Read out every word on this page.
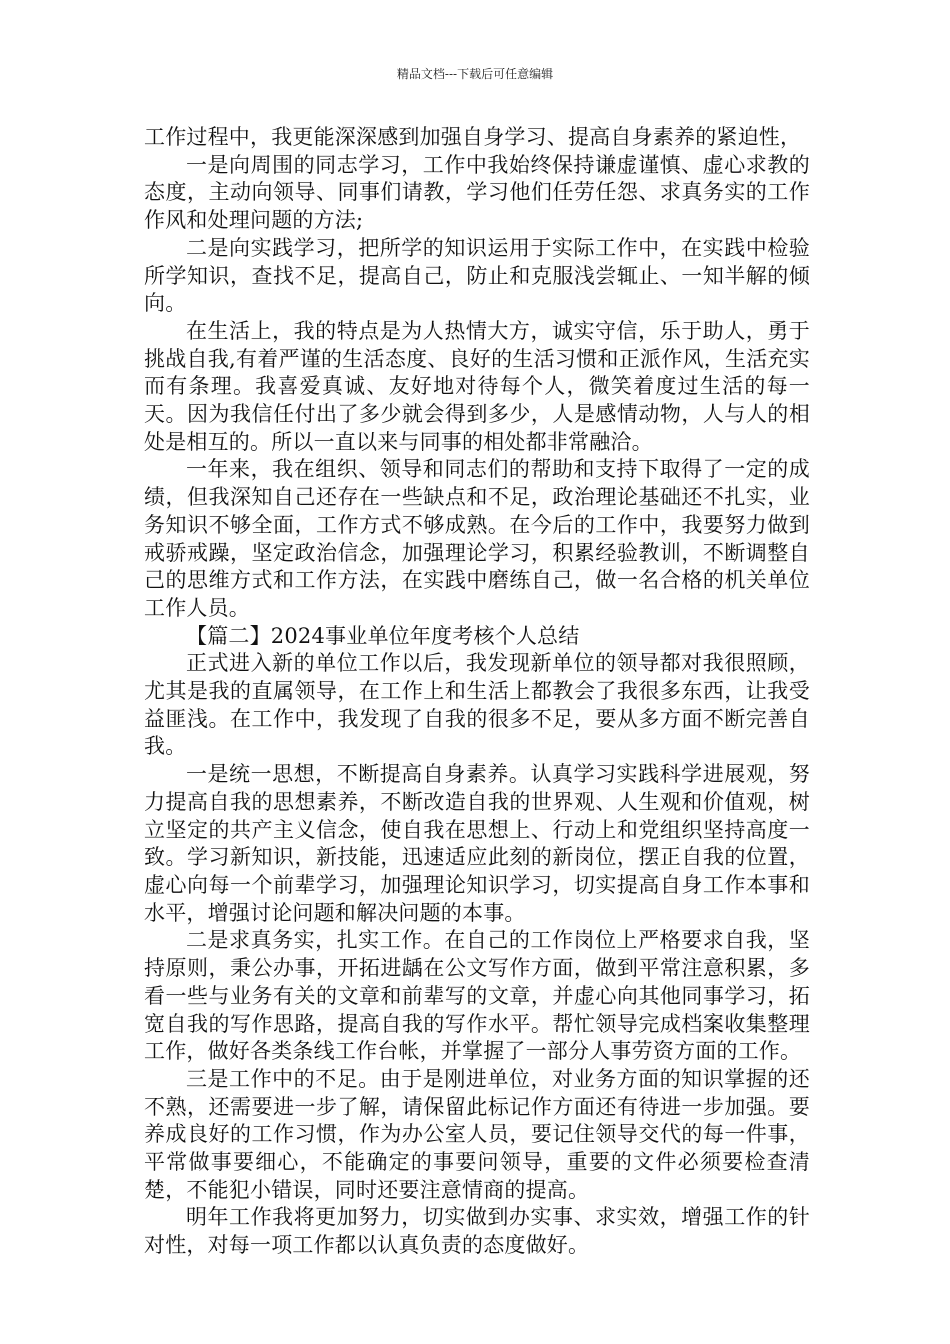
精品文档---下载后可任意编辑

工作过程中，我更能深深感到加强自身学习、提高自身素养的紧迫性，

一是向周围的同志学习，工作中我始终保持谦虚谨慎、虚心求教的态度，主动向领导、同事们请教，学习他们任劳任怨、求真务实的工作作风和处理问题的方法;

二是向实践学习，把所学的知识运用于实际工作中，在实践中检验所学知识，查找不足，提高自己，防止和克服浅尝辄止、一知半解的倾向。

在生活上，我的特点是为人热情大方，诚实守信，乐于助人，勇于挑战自我,有着严谨的生活态度、良好的生活习惯和正派作风，生活充实而有条理。我喜爱真诚、友好地对待每个人，微笑着度过生活的每一天。因为我信任付出了多少就会得到多少，人是感情动物，人与人的相处是相互的。所以一直以来与同事的相处都非常融洽。

一年来，我在组织、领导和同志们的帮助和支持下取得了一定的成绩，但我深知自己还存在一些缺点和不足，政治理论基础还不扎实，业务知识不够全面，工作方式不够成熟。在今后的工作中，我要努力做到戒骄戒躁，坚定政治信念，加强理论学习，积累经验教训，不断调整自己的思维方式和工作方法，在实践中磨练自己，做一名合格的机关单位工作人员。

【篇二】2024事业单位年度考核个人总结

正式进入新的单位工作以后，我发现新单位的领导都对我很照顾，尤其是我的直属领导，在工作上和生活上都教会了我很多东西，让我受益匪浅。在工作中，我发现了自我的很多不足，要从多方面不断完善自我。

一是统一思想，不断提高自身素养。认真学习实践科学进展观，努力提高自我的思想素养，不断改造自我的世界观、人生观和价值观，树立坚定的共产主义信念，使自我在思想上、行动上和党组织坚持高度一致。学习新知识，新技能，迅速适应此刻的新岗位，摆正自我的位置，虚心向每一个前辈学习，加强理论知识学习，切实提高自身工作本事和水平，增强讨论问题和解决问题的本事。

二是求真务实，扎实工作。在自己的工作岗位上严格要求自我，坚持原则，秉公办事，开拓进龋在公文写作方面，做到平常注意积累，多看一些与业务有关的文章和前辈写的文章，并虚心向其他同事学习，拓宽自我的写作思路，提高自我的写作水平。帮忙领导完成档案收集整理工作，做好各类条线工作台帐，并掌握了一部分人事劳资方面的工作。

三是工作中的不足。由于是刚进单位，对业务方面的知识掌握的还不熟，还需要进一步了解，请保留此标记作方面还有待进一步加强。要养成良好的工作习惯，作为办公室人员，要记住领导交代的每一件事，平常做事要细心，不能确定的事要问领导，重要的文件必须要检查清楚，不能犯小错误，同时还要注意情商的提高。

明年工作我将更加努力，切实做到办实事、求实效，增强工作的针对性，对每一项工作都以认真负责的态度做好。
